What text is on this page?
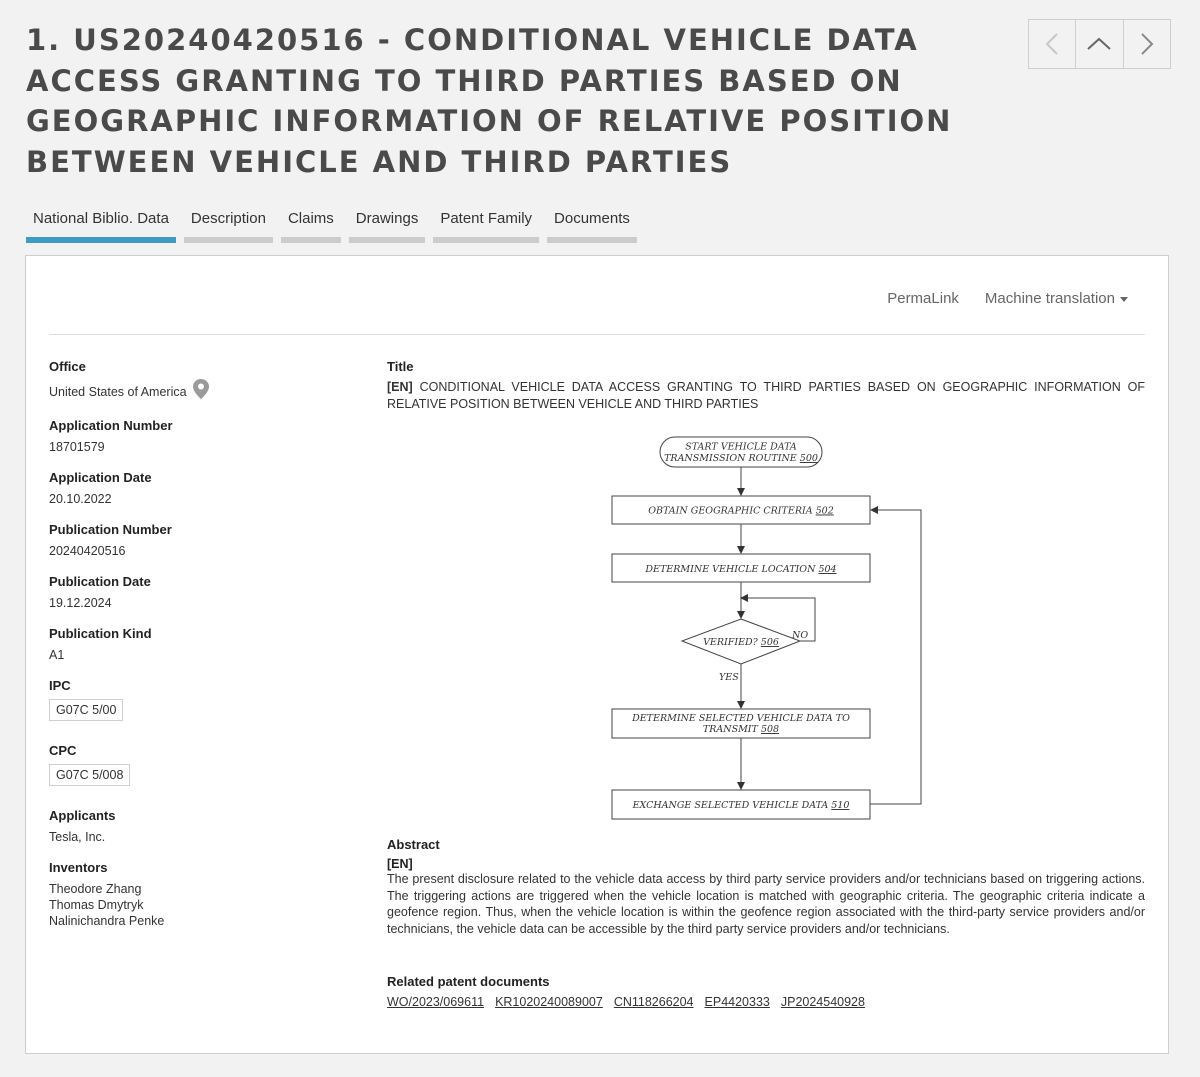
1. US20240420516 - CONDITIONAL VEHICLE DATA ACCESS GRANTING TO THIRD PARTIES BASED ON GEOGRAPHIC INFORMATION OF RELATIVE POSITION BETWEEN VEHICLE AND THIRD PARTIES
National Biblio. Data	Description	Claims	Drawings	Patent Family	Documents
PermaLink Machine translation
Office
United States of America
Application Number
18701579
Application Date
20.10.2022
Publication Number
20240420516
Publication Date
19.12.2024
Publication Kind
A1
IPC
G07C 5/00
CPC
G07C 5/008
Applicants
Tesla, Inc.
Inventors
Theodore Zhang
Thomas Dmytryk
Nalinichandra Penke
Title
[EN] CONDITIONAL VEHICLE DATA ACCESS GRANTING TO THIRD PARTIES BASED ON GEOGRAPHIC INFORMATION OF RELATIVE POSITION BETWEEN VEHICLE AND THIRD PARTIES
START VEHICLE DATA
TRANSMISSION ROUTINE 500
OBTAIN GEOGRAPHIC CRITERIA 502
DETERMINE VEHICLE LOCATION 504
VERIFIED? 506
NO
YES
DETERMINE SELECTED VEHICLE DATA TO
TRANSMIT 508
EXCHANGE SELECTED VEHICLE DATA 510
Abstract
[EN]
The present disclosure related to the vehicle data access by third party service providers and/or technicians based on triggering actions. The triggering actions are triggered when the vehicle location is matched with geographic criteria. The geographic criteria indicate a geofence region. Thus, when the vehicle location is within the geofence region associated with the third-party service providers and/or technicians, the vehicle data can be accessible by the third party service providers and/or technicians.
Related patent documents
WO/2023/069611 KR1020240089007 CN118266204 EP4420333 JP2024540928
